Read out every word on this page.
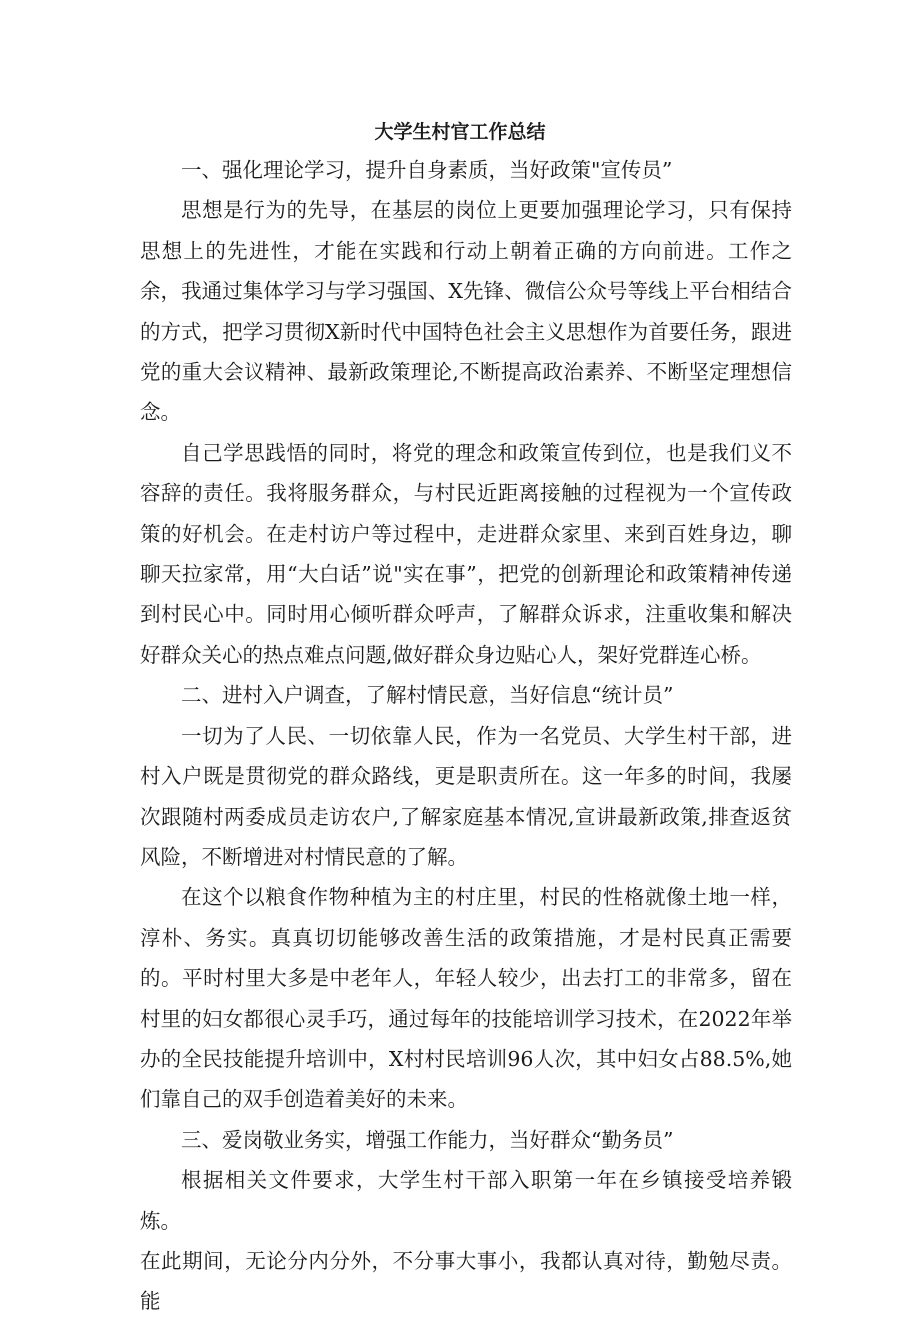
大学生村官工作总结

一、强化理论学习，提升自身素质，当好政策"宣传员”

思想是行为的先导，在基层的岗位上更要加强理论学习，只有保持思想上的先进性，才能在实践和行动上朝着正确的方向前进。工作之余，我通过集体学习与学习强国、X先锋、微信公众号等线上平台相结合的方式，把学习贯彻X新时代中国特色社会主义思想作为首要任务，跟进党的重大会议精神、最新政策理论,不断提高政治素养、不断坚定理想信念。

自己学思践悟的同时，将党的理念和政策宣传到位，也是我们义不容辞的责任。我将服务群众，与村民近距离接触的过程视为一个宣传政策的好机会。在走村访户等过程中，走进群众家里、来到百姓身边，聊聊天拉家常，用“大白话”说"实在事”，把党的创新理论和政策精神传递到村民心中。同时用心倾听群众呼声，了解群众诉求，注重收集和解决好群众关心的热点难点问题,做好群众身边贴心人，架好党群连心桥。

二、进村入户调查，了解村情民意，当好信息“统计员”

一切为了人民、一切依靠人民，作为一名党员、大学生村干部，进村入户既是贯彻党的群众路线，更是职责所在。这一年多的时间，我屡次跟随村两委成员走访农户,了解家庭基本情况,宣讲最新政策,排查返贫风险，不断增进对村情民意的了解。

在这个以粮食作物种植为主的村庄里，村民的性格就像土地一样，淳朴、务实。真真切切能够改善生活的政策措施，才是村民真正需要的。平时村里大多是中老年人，年轻人较少，出去打工的非常多，留在村里的妇女都很心灵手巧，通过每年的技能培训学习技术，在2022年举办的全民技能提升培训中，X村村民培训96人次，其中妇女占88.5%,她们靠自己的双手创造着美好的未来。

三、爱岗敬业务实，增强工作能力，当好群众“勤务员”

根据相关文件要求，大学生村干部入职第一年在乡镇接受培养锻炼。

在此期间，无论分内分外，不分事大事小，我都认真对待，勤勉尽责。能
